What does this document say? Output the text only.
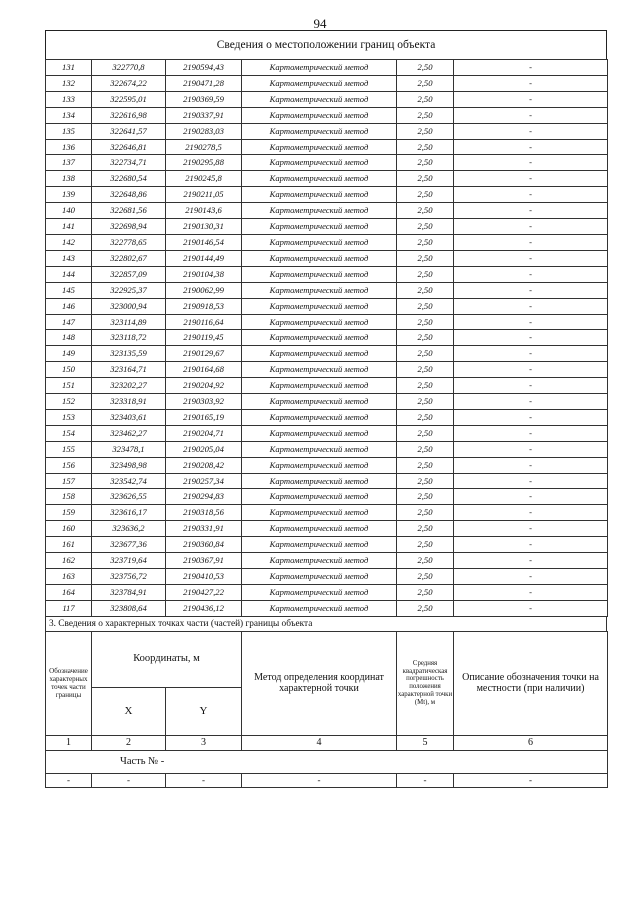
94
Сведения о местоположении границ объекта
131	322770,8	2190594,43	Картометрический метод	2,50	-
132	322674,22	2190471,28	Картометрический метод	2,50	-
133	322595,01	2190369,59	Картометрический метод	2,50	-
134	322616,98	2190337,91	Картометрический метод	2,50	-
135	322641,57	2190283,03	Картометрический метод	2,50	-
136	322646,81	2190278,5	Картометрический метод	2,50	-
137	322734,71	2190295,88	Картометрический метод	2,50	-
138	322680,54	2190245,8	Картометрический метод	2,50	-
139	322648,86	2190211,05	Картометрический метод	2,50	-
140	322681,56	2190143,6	Картометрический метод	2,50	-
141	322698,94	2190130,31	Картометрический метод	2,50	-
142	322778,65	2190146,54	Картометрический метод	2,50	-
143	322802,67	2190144,49	Картометрический метод	2,50	-
144	322857,09	2190104,38	Картометрический метод	2,50	-
145	322925,37	2190062,99	Картометрический метод	2,50	-
146	323000,94	2190918,53	Картометрический метод	2,50	-
147	323114,89	2190116,64	Картометрический метод	2,50	-
148	323118,72	2190119,45	Картометрический метод	2,50	-
149	323135,59	2190129,67	Картометрический метод	2,50	-
150	323164,71	2190164,68	Картометрический метод	2,50	-
151	323202,27	2190204,92	Картометрический метод	2,50	-
152	323318,91	2190303,92	Картометрический метод	2,50	-
153	323403,61	2190165,19	Картометрический метод	2,50	-
154	323462,27	2190204,71	Картометрический метод	2,50	-
155	323478,1	2190205,04	Картометрический метод	2,50	-
156	323498,98	2190208,42	Картометрический метод	2,50	-
157	323542,74	2190257,34	Картометрический метод	2,50	-
158	323626,55	2190294,83	Картометрический метод	2,50	-
159	323616,17	2190318,56	Картометрический метод	2,50	-
160	323636,2	2190331,91	Картометрический метод	2,50	-
161	323677,36	2190360,84	Картометрический метод	2,50	-
162	323719,64	2190367,91	Картометрический метод	2,50	-
163	323756,72	2190410,53	Картометрический метод	2,50	-
164	323784,91	2190427,22	Картометрический метод	2,50	-
117	323808,64	2190436,12	Картометрический метод	2,50	-
3. Сведения о характерных точках части (частей) границы объекта
Обозначение характерных точек части границы	Координаты, м		Метод определения координат характерной точки	Средняя квадратическая погрешность положения характерной точки (Mt), м	Описание обозначения точки на местности (при наличии)
	X	Y			
1	2	3	4	5	6
Часть № -					
-	-	-	-	-	-
